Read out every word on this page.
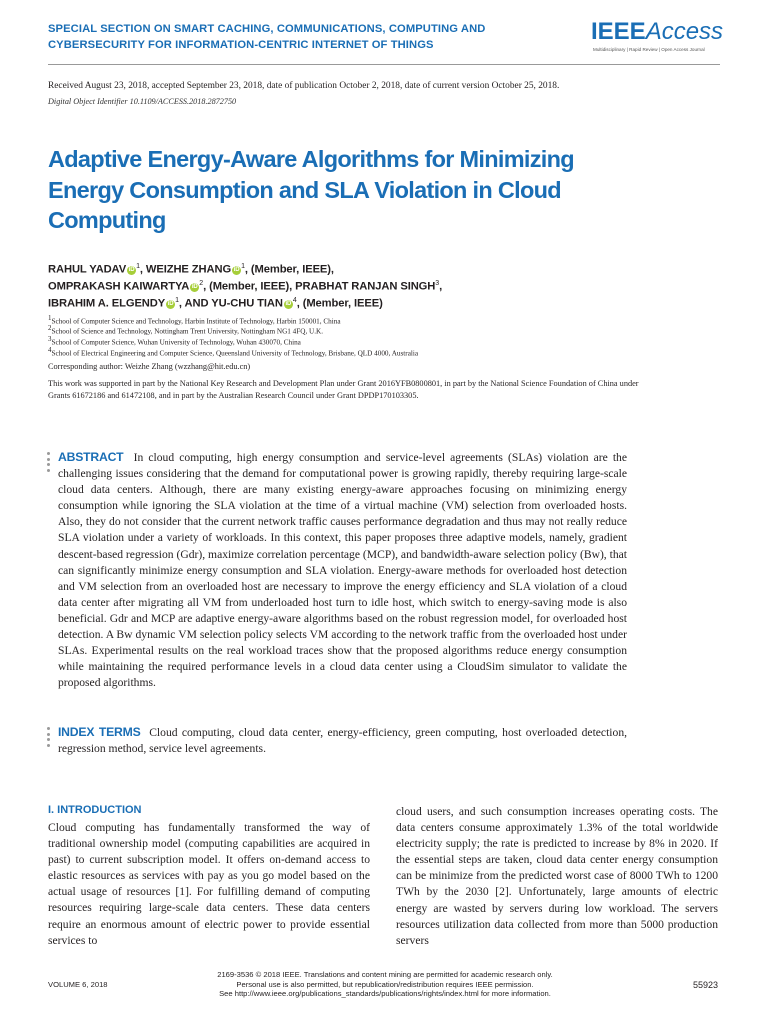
SPECIAL SECTION ON SMART CACHING, COMMUNICATIONS, COMPUTING AND
CYBERSECURITY FOR INFORMATION-CENTRIC INTERNET OF THINGS	IEEEAccess
Multidisciplinary | Rapid Review | Open Access Journal
Received August 23, 2018, accepted September 23, 2018, date of publication October 2, 2018, date of current version October 25, 2018.
Digital Object Identifier 10.1109/ACCESS.2018.2872750
Adaptive Energy-Aware Algorithms for Minimizing Energy Consumption and SLA Violation in Cloud Computing
RAHUL YADAV iD $^1$, WEIZHE ZHANG iD $^1$, (Member, IEEE),
OMPRAKASH KAIWARTYA iD $^2$, (Member, IEEE), PRABHAT RANJAN SINGH$^3$,
IBRAHIM A. ELGENDY iD $^1$, AND YU-CHU TIAN iD $^4$, (Member, IEEE)
$^1$School of Computer Science and Technology, Harbin Institute of Technology, Harbin 150001, China
$^2$School of Science and Technology, Nottingham Trent University, Nottingham NG1 4FQ, U.K.
$^3$School of Computer Science, Wuhan University of Technology, Wuhan 430070, China
$^4$School of Electrical Engineering and Computer Science, Queensland University of Technology, Brisbane, QLD 4000, Australia
Corresponding author: Weizhe Zhang (wzzhang@hit.edu.cn)
This work was supported in part by the National Key Research and Development Plan under Grant 2016YFB0800801, in part by the National Science Foundation of China under Grants 61672186 and 61472108, and in part by the Australian Research Council under Grant DPDP170103305.
ABSTRACT In cloud computing, high energy consumption and service-level agreements (SLAs) violation are the challenging issues considering that the demand for computational power is growing rapidly, thereby requiring large-scale cloud data centers. Although, there are many existing energy-aware approaches focusing on minimizing energy consumption while ignoring the SLA violation at the time of a virtual machine (VM) selection from overloaded hosts. Also, they do not consider that the current network traffic causes performance degradation and thus may not really reduce SLA violation under a variety of workloads. In this context, this paper proposes three adaptive models, namely, gradient descent-based regression (Gdr), maximize correlation percentage (MCP), and bandwidth-aware selection policy (Bw), that can significantly minimize energy consumption and SLA violation. Energy-aware methods for overloaded host detection and VM selection from an overloaded host are necessary to improve the energy efficiency and SLA violation of a cloud data center after migrating all VM from underloaded host turn to idle host, which switch to energy-saving mode is also beneficial. Gdr and MCP are adaptive energy-aware algorithms based on the robust regression model, for overloaded host detection. A Bw dynamic VM selection policy selects VM according to the network traffic from the overloaded host under SLAs. Experimental results on the real workload traces show that the proposed algorithms reduce energy consumption while maintaining the required performance levels in a cloud data center using a CloudSim simulator to validate the proposed algorithms.
INDEX TERMS Cloud computing, cloud data center, energy-efficiency, green computing, host overloaded detection, regression method, service level agreements.
I. INTRODUCTION
Cloud computing has fundamentally transformed the way of traditional ownership model (computing capabilities are acquired in past) to current subscription model. It offers on-demand access to elastic resources as services with pay as you go model based on the actual usage of resources [1]. For fulfilling demand of computing resources requiring large-scale data centers. These data centers require an enormous amount of electric power to provide essential services to
cloud users, and such consumption increases operating costs. The data centers consume approximately 1.3% of the total worldwide electricity supply; the rate is predicted to increase by 8% in 2020. If the essential steps are taken, cloud data center energy consumption can be minimize from the predicted worst case of 8000 TWh to 1200 TWh by the 2030 [2]. Unfortunately, large amounts of electric energy are wasted by servers during low workload. The servers resources utilization data collected from more than 5000 production servers
VOLUME 6, 2018
2169-3536 © 2018 IEEE. Translations and content mining are permitted for academic research only.
Personal use is also permitted, but republication/redistribution requires IEEE permission.
See http://www.ieee.org/publications_standards/publications/rights/index.html for more information.
55923
